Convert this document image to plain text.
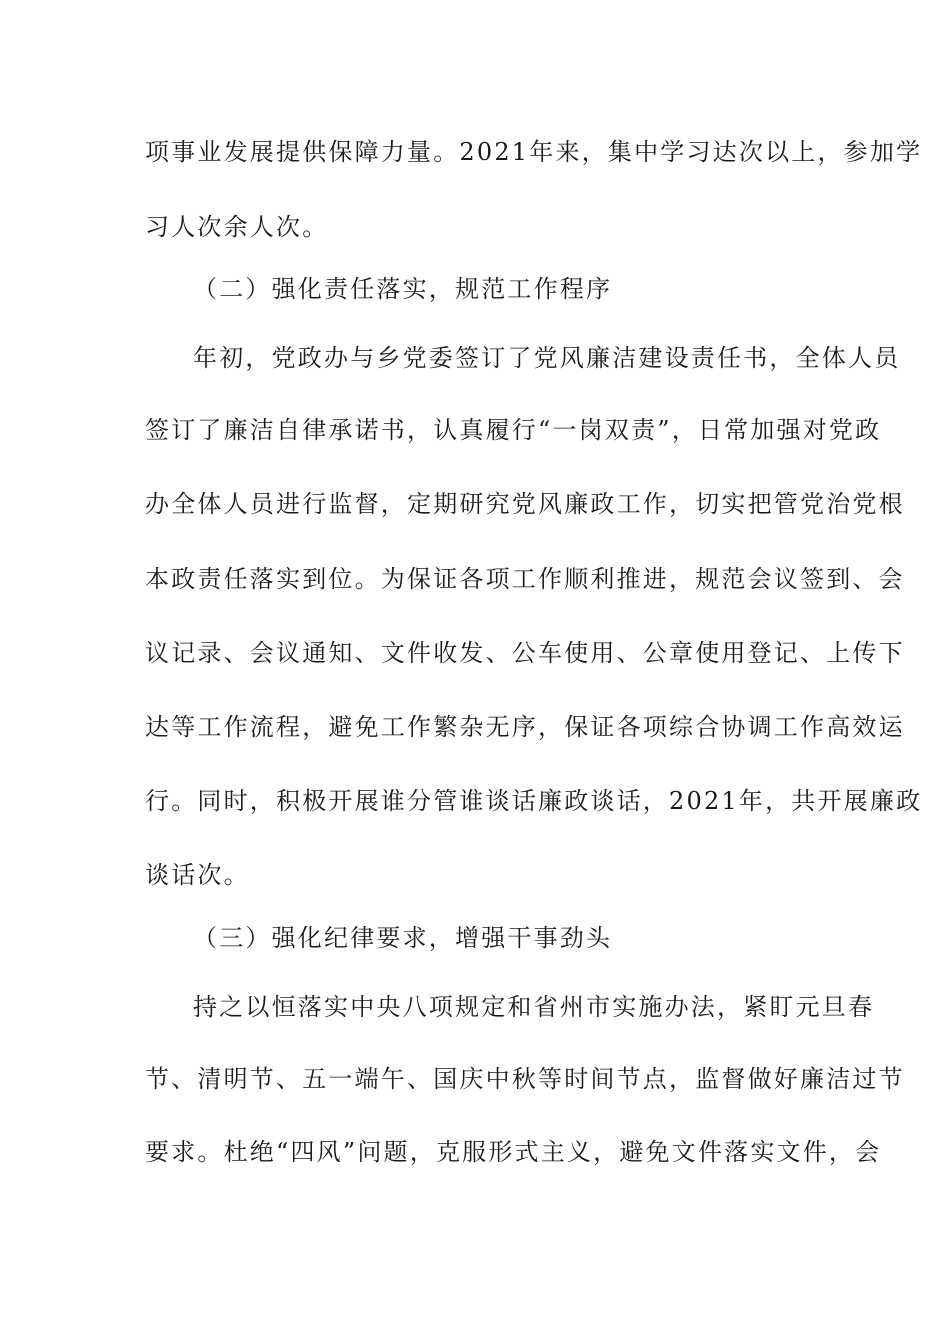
项事业发展提供保障力量。2021年来，集中学习达次以上，参加学
习人次余人次。
（二）强化责任落实，规范工作程序
年初，党政办与乡党委签订了党风廉洁建设责任书，全体人员
签订了廉洁自律承诺书，认真履行“一岗双责”，日常加强对党政
办全体人员进行监督，定期研究党风廉政工作，切实把管党治党根
本政责任落实到位。为保证各项工作顺利推进，规范会议签到、会
议记录、会议通知、文件收发、公车使用、公章使用登记、上传下
达等工作流程，避免工作繁杂无序，保证各项综合协调工作高效运
行。同时，积极开展谁分管谁谈话廉政谈话，2021年，共开展廉政
谈话次。
（三）强化纪律要求，增强干事劲头
持之以恒落实中央八项规定和省州市实施办法，紧盯元旦春
节、清明节、五一端午、国庆中秋等时间节点，监督做好廉洁过节
要求。杜绝“四风”问题，克服形式主义，避免文件落实文件，会
